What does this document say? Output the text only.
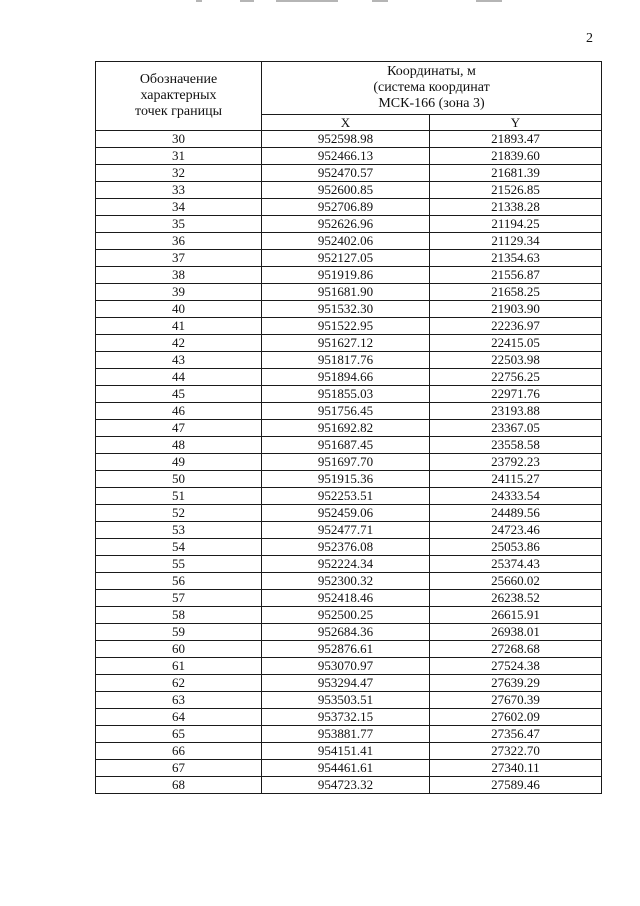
2
Обозначение
характерных
точек границы	Координаты, м
(система координат
МСК-166 (зона 3)	

	X	Y
30	952598.98	21893.47
31	952466.13	21839.60
32	952470.57	21681.39
33	952600.85	21526.85
34	952706.89	21338.28
35	952626.96	21194.25
36	952402.06	21129.34
37	952127.05	21354.63
38	951919.86	21556.87
39	951681.90	21658.25
40	951532.30	21903.90
41	951522.95	22236.97
42	951627.12	22415.05
43	951817.76	22503.98
44	951894.66	22756.25
45	951855.03	22971.76
46	951756.45	23193.88
47	951692.82	23367.05
48	951687.45	23558.58
49	951697.70	23792.23
50	951915.36	24115.27
51	952253.51	24333.54
52	952459.06	24489.56
53	952477.71	24723.46
54	952376.08	25053.86
55	952224.34	25374.43
56	952300.32	25660.02
57	952418.46	26238.52
58	952500.25	26615.91
59	952684.36	26938.01
60	952876.61	27268.68
61	953070.97	27524.38
62	953294.47	27639.29
63	953503.51	27670.39
64	953732.15	27602.09
65	953881.77	27356.47
66	954151.41	27322.70
67	954461.61	27340.11
68	954723.32	27589.46
